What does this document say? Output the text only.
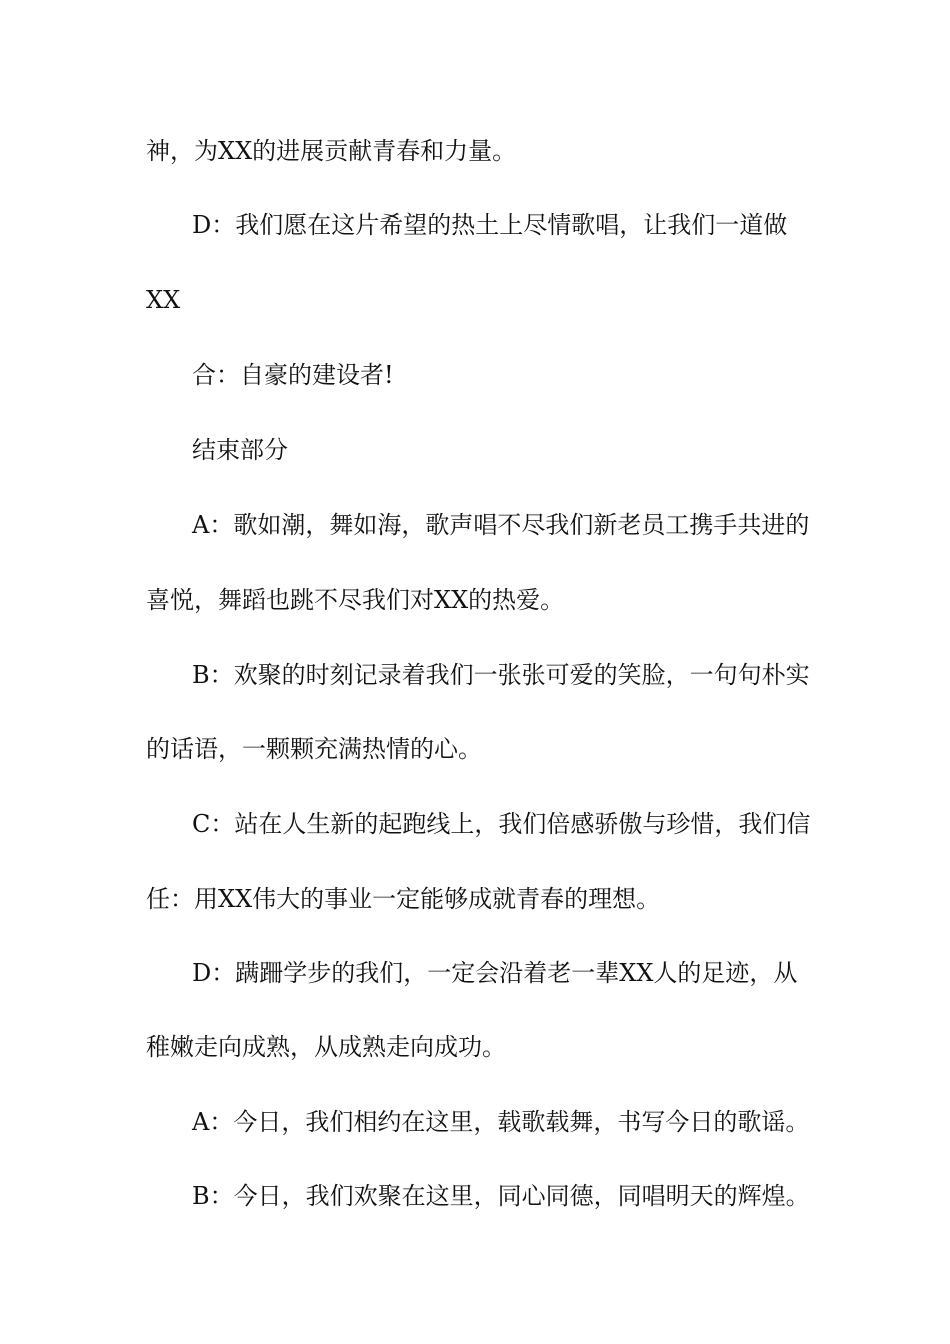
神，为XX的进展贡献青春和力量。
D：我们愿在这片希望的热土上尽情歌唱，让我们一道做
XX
合：自豪的建设者!
结束部分
A：歌如潮，舞如海，歌声唱不尽我们新老员工携手共进的
喜悦，舞蹈也跳不尽我们对XX的热爱。
B：欢聚的时刻记录着我们一张张可爱的笑脸，一句句朴实
的话语，一颗颗充满热情的心。
C：站在人生新的起跑线上，我们倍感骄傲与珍惜，我们信
任：用XX伟大的事业一定能够成就青春的理想。
D：蹒跚学步的我们，一定会沿着老一辈XX人的足迹，从
稚嫩走向成熟，从成熟走向成功。
A：今日，我们相约在这里，载歌载舞，书写今日的歌谣。
B：今日，我们欢聚在这里，同心同德，同唱明天的辉煌。
